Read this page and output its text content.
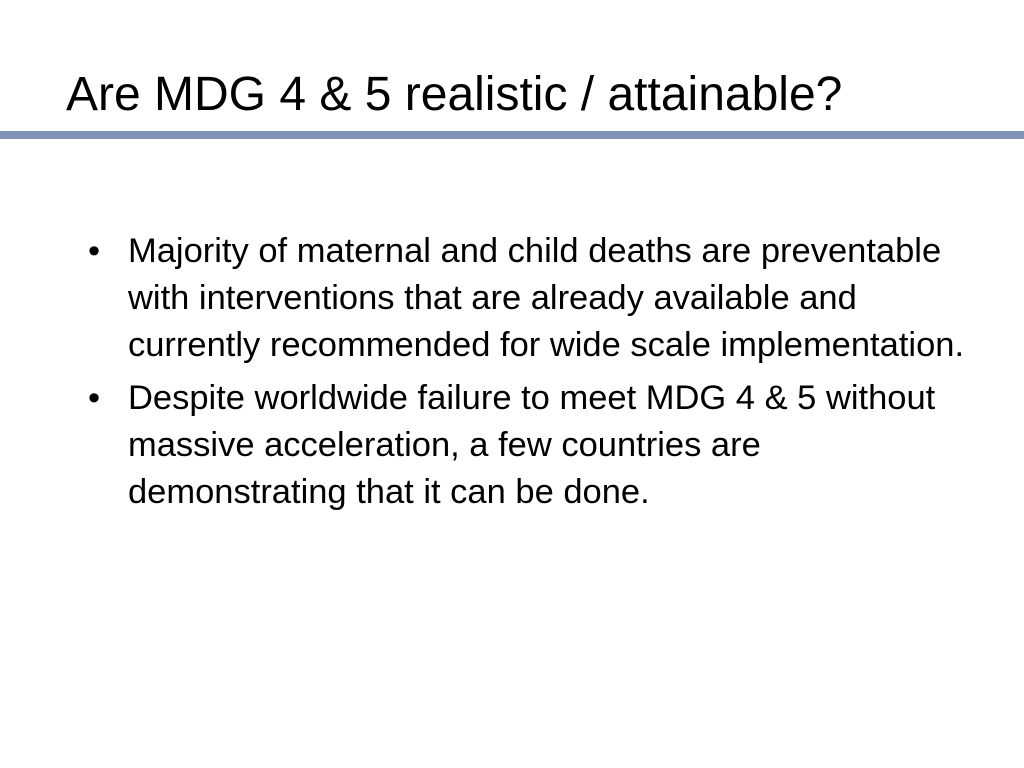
Are MDG 4 & 5 realistic / attainable?
• Majority of maternal and child deaths are preventable with interventions that are already available and currently recommended for wide scale implementation.
• Despite worldwide failure to meet MDG 4 & 5 without massive acceleration, a few countries are demonstrating that it can be done.
